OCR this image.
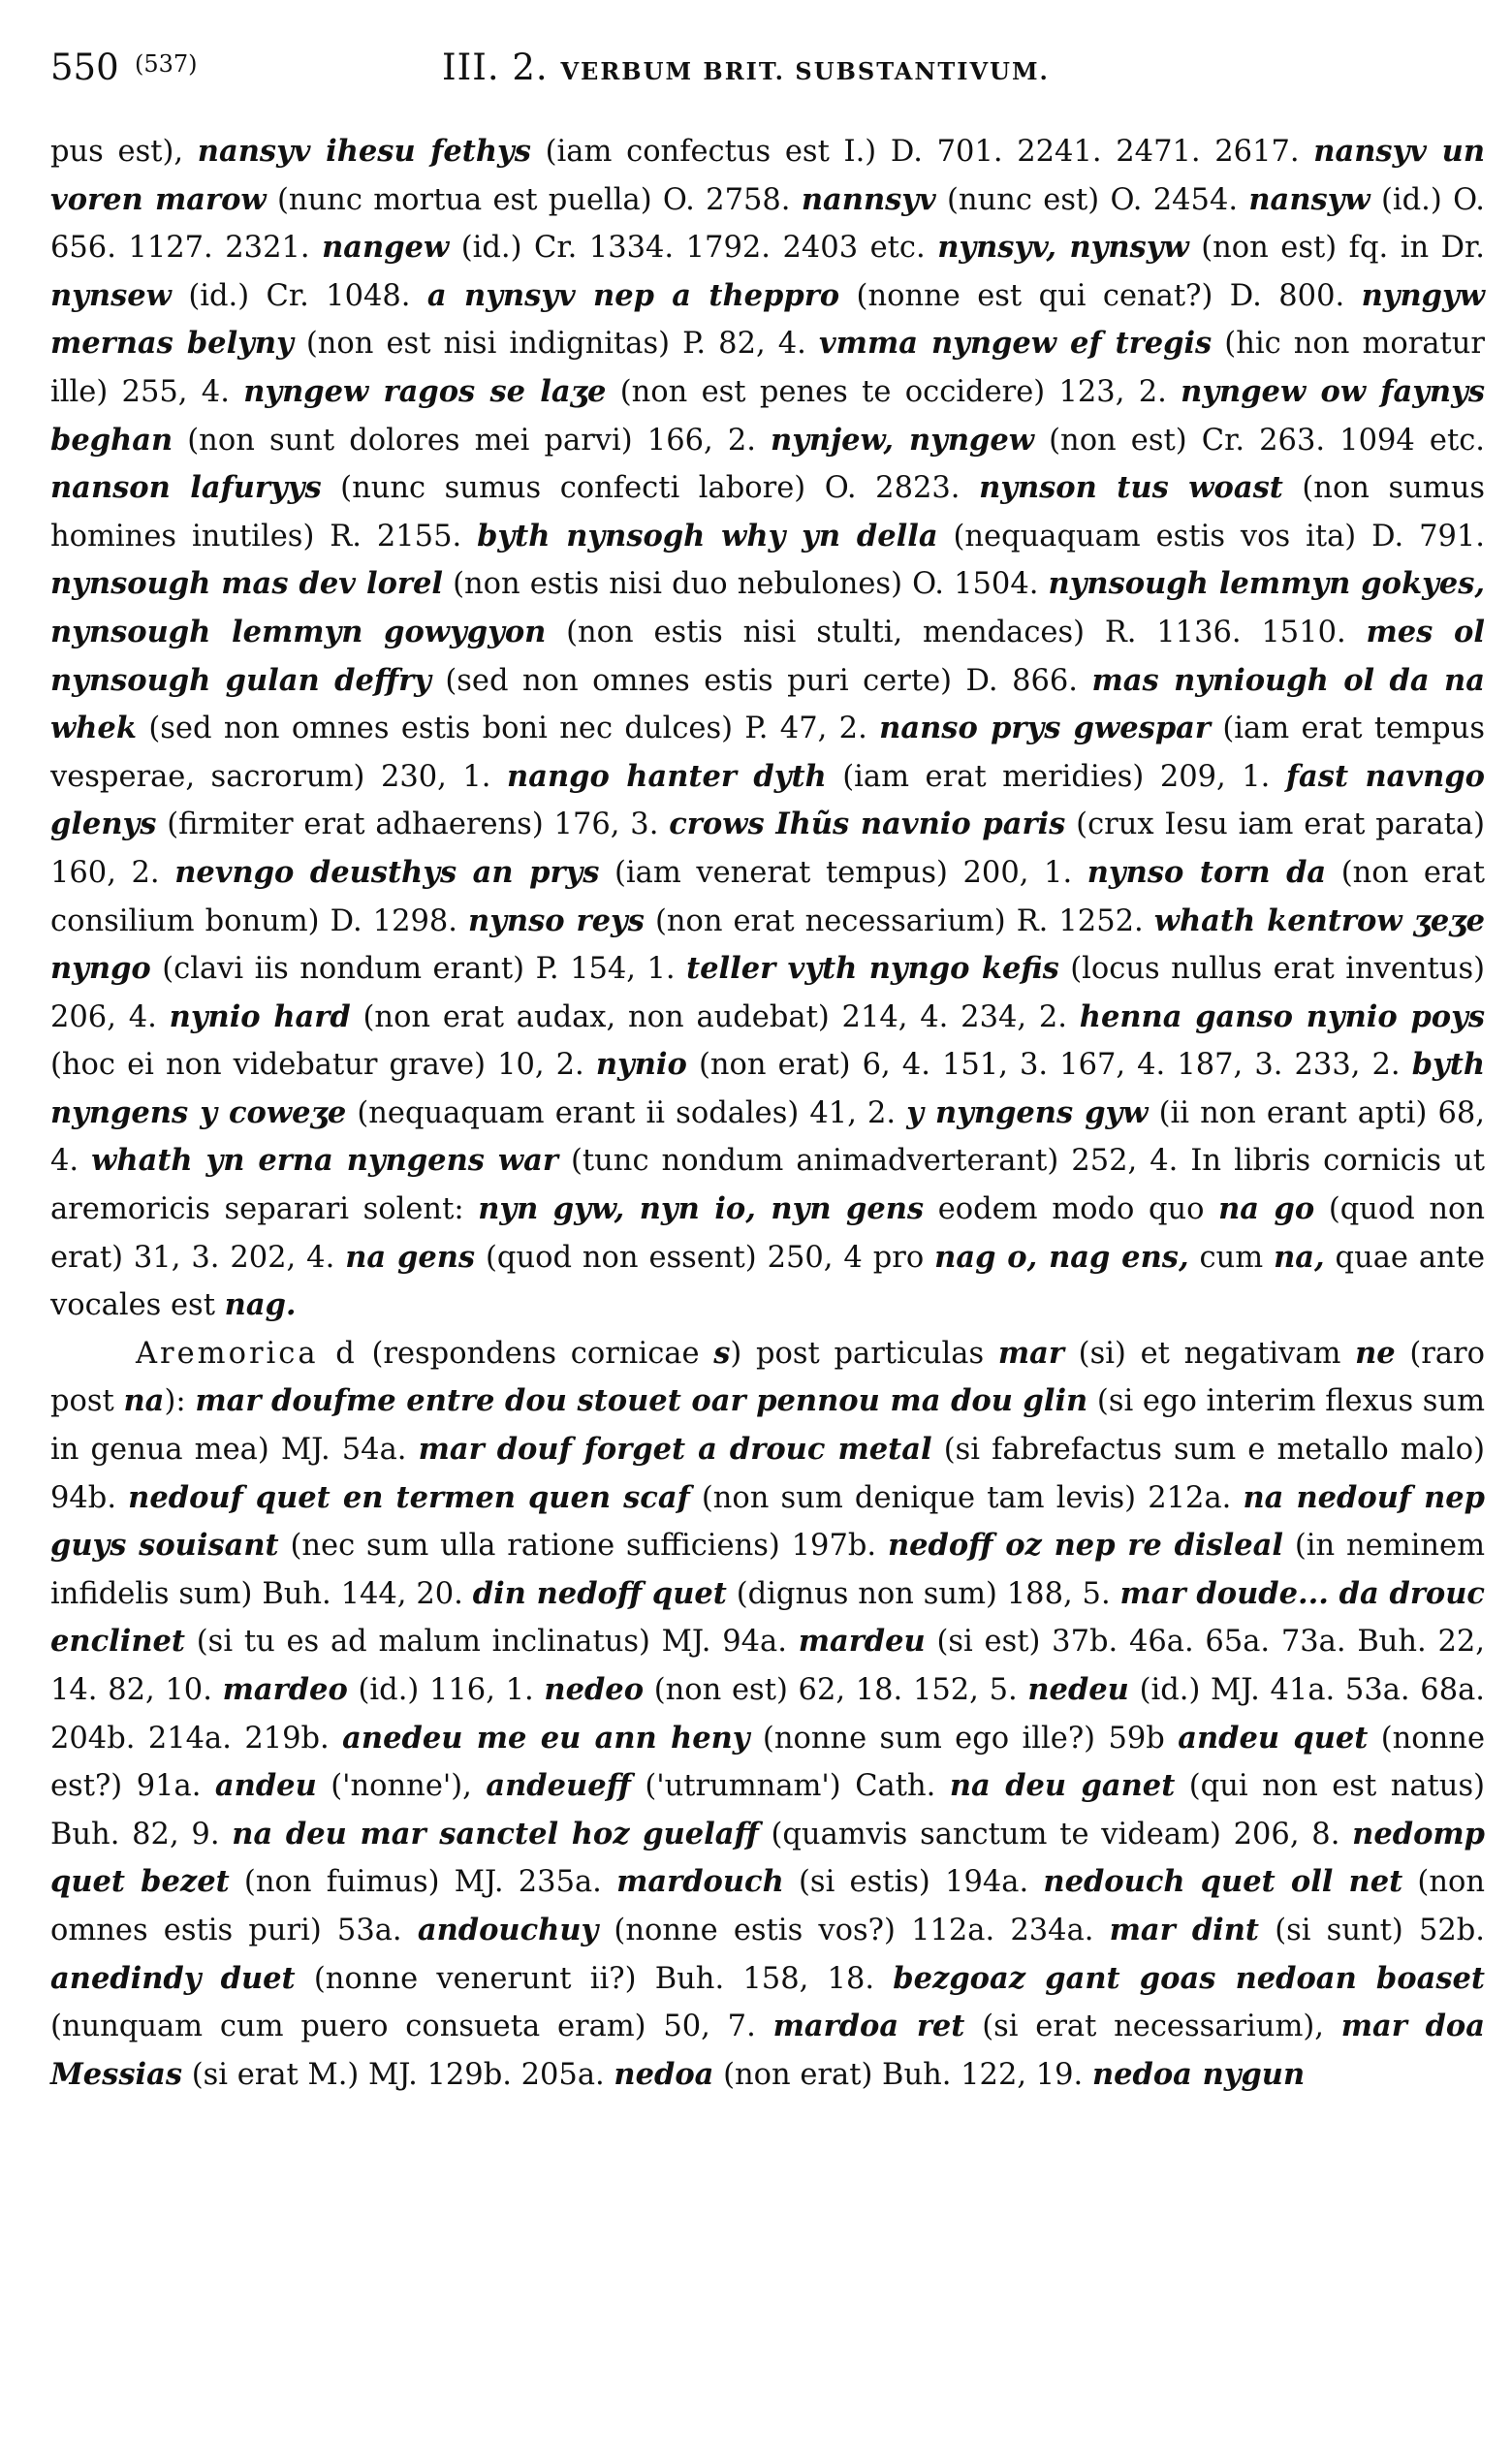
550 (537)	III. 2. VERBUM BRIT. SUBSTANTIVUM.

pus est), nansyv ihesu fethys (iam confectus est I.) D. 701. 2241. 2471. 2617. nansyv un voren marow (nunc mortua est puella) O. 2758. nannsyv (nunc est) O. 2454. nansyw (id.) O. 656. 1127. 2321. nangew (id.) Cr. 1334. 1792. 2403 etc. nynsyv, nynsyw (non est) fq. in Dr. nynsew (id.) Cr. 1048. a nynsyv nep a theppro (nonne est qui cenat?) D. 800. nyngyw mernas belyny (non est nisi indignitas) P. 82, 4. vmma nyngew ef tregis (hic non moratur ille) 255, 4. nyngew ragos se laʒe (non est penes te occidere) 123, 2. nyngew ow faynys beghan (non sunt dolores mei parvi) 166, 2. nynjew, nyngew (non est) Cr. 263. 1094 etc. nanson lafuryys (nunc sumus confecti labore) O. 2823. nynson tus woast (non sumus homines inutiles) R. 2155. byth nynsogh why yn della (nequaquam estis vos ita) D. 791. nynsough mas dev lorel (non estis nisi duo nebulones) O. 1504. nynsough lemmyn gokyes, nynsough lemmyn gowygyon (non estis nisi stulti, mendaces) R. 1136. 1510. mes ol nynsough gulan deffry (sed non omnes estis puri certe) D. 866. mas nyniough ol da na whek (sed non omnes estis boni nec dulces) P. 47, 2. nanso prys gwespar (iam erat tempus vesperae, sacrorum) 230, 1. nango hanter dyth (iam erat meridies) 209, 1. fast navngo glenys (firmiter erat adhaerens) 176, 3. crows Ihũs navnio paris (crux Iesu iam erat parata) 160, 2. nevngo deusthys an prys (iam venerat tempus) 200, 1. nynso torn da (non erat consilium bonum) D. 1298. nynso reys (non erat necessarium) R. 1252. whath kentrow ʒeʒe nyngo (clavi iis nondum erant) P. 154, 1. teller vyth nyngo kefis (locus nullus erat inventus) 206, 4. nynio hard (non erat audax, non audebat) 214, 4. 234, 2. henna ganso nynio poys (hoc ei non videbatur grave) 10, 2. nynio (non erat) 6, 4. 151, 3. 167, 4. 187, 3. 233, 2. byth nyngens y coweʒe (nequaquam erant ii sodales) 41, 2. y nyngens gyw (ii non erant apti) 68, 4. whath yn erna nyngens war (tunc nondum animadverterant) 252, 4. In libris cornicis ut aremoricis separari solent: nyn gyw, nyn io, nyn gens eodem modo quo na go (quod non erat) 31, 3. 202, 4. na gens (quod non essent) 250, 4 pro nag o, nag ens, cum na, quae ante vocales est nag.

Aremorica d (respondens cornicae s) post particulas mar (si) et negativam ne (raro post na): mar doufme entre dou stouet oar pennou ma dou glin (si ego interim flexus sum in genua mea) MJ. 54a. mar douf forget a drouc metal (si fabrefactus sum e metallo malo) 94b. nedouf quet en termen quen scaf (non sum denique tam levis) 212a. na nedouf nep guys souisant (nec sum ulla ratione sufficiens) 197b. nedoff oz nep re disleal (in neminem infidelis sum) Buh. 144, 20. din nedoff quet (dignus non sum) 188, 5. mar doude... da drouc enclinet (si tu es ad malum inclinatus) MJ. 94a. mardeu (si est) 37b. 46a. 65a. 73a. Buh. 22, 14. 82, 10. mardeo (id.) 116, 1. nedeo (non est) 62, 18. 152, 5. nedeu (id.) MJ. 41a. 53a. 68a. 204b. 214a. 219b. anedeu me eu ann heny (nonne sum ego ille?) 59b andeu quet (nonne est?) 91a. andeu ('nonne'), andeueff ('utrumnam') Cath. na deu ganet (qui non est natus) Buh. 82, 9. na deu mar sanctel hoz guelaff (quamvis sanctum te videam) 206, 8. nedomp quet bezet (non fuimus) MJ. 235a. mardouch (si estis) 194a. nedouch quet oll net (non omnes estis puri) 53a. andouchuy (nonne estis vos?) 112a. 234a. mar dint (si sunt) 52b. anedindy duet (nonne venerunt ii?) Buh. 158, 18. bezgoaz gant goas nedoan boaset (nunquam cum puero consueta eram) 50, 7. mardoa ret (si erat necessarium), mar doa Messias (si erat M.) MJ. 129b. 205a. nedoa (non erat) Buh. 122, 19. nedoa nygun
